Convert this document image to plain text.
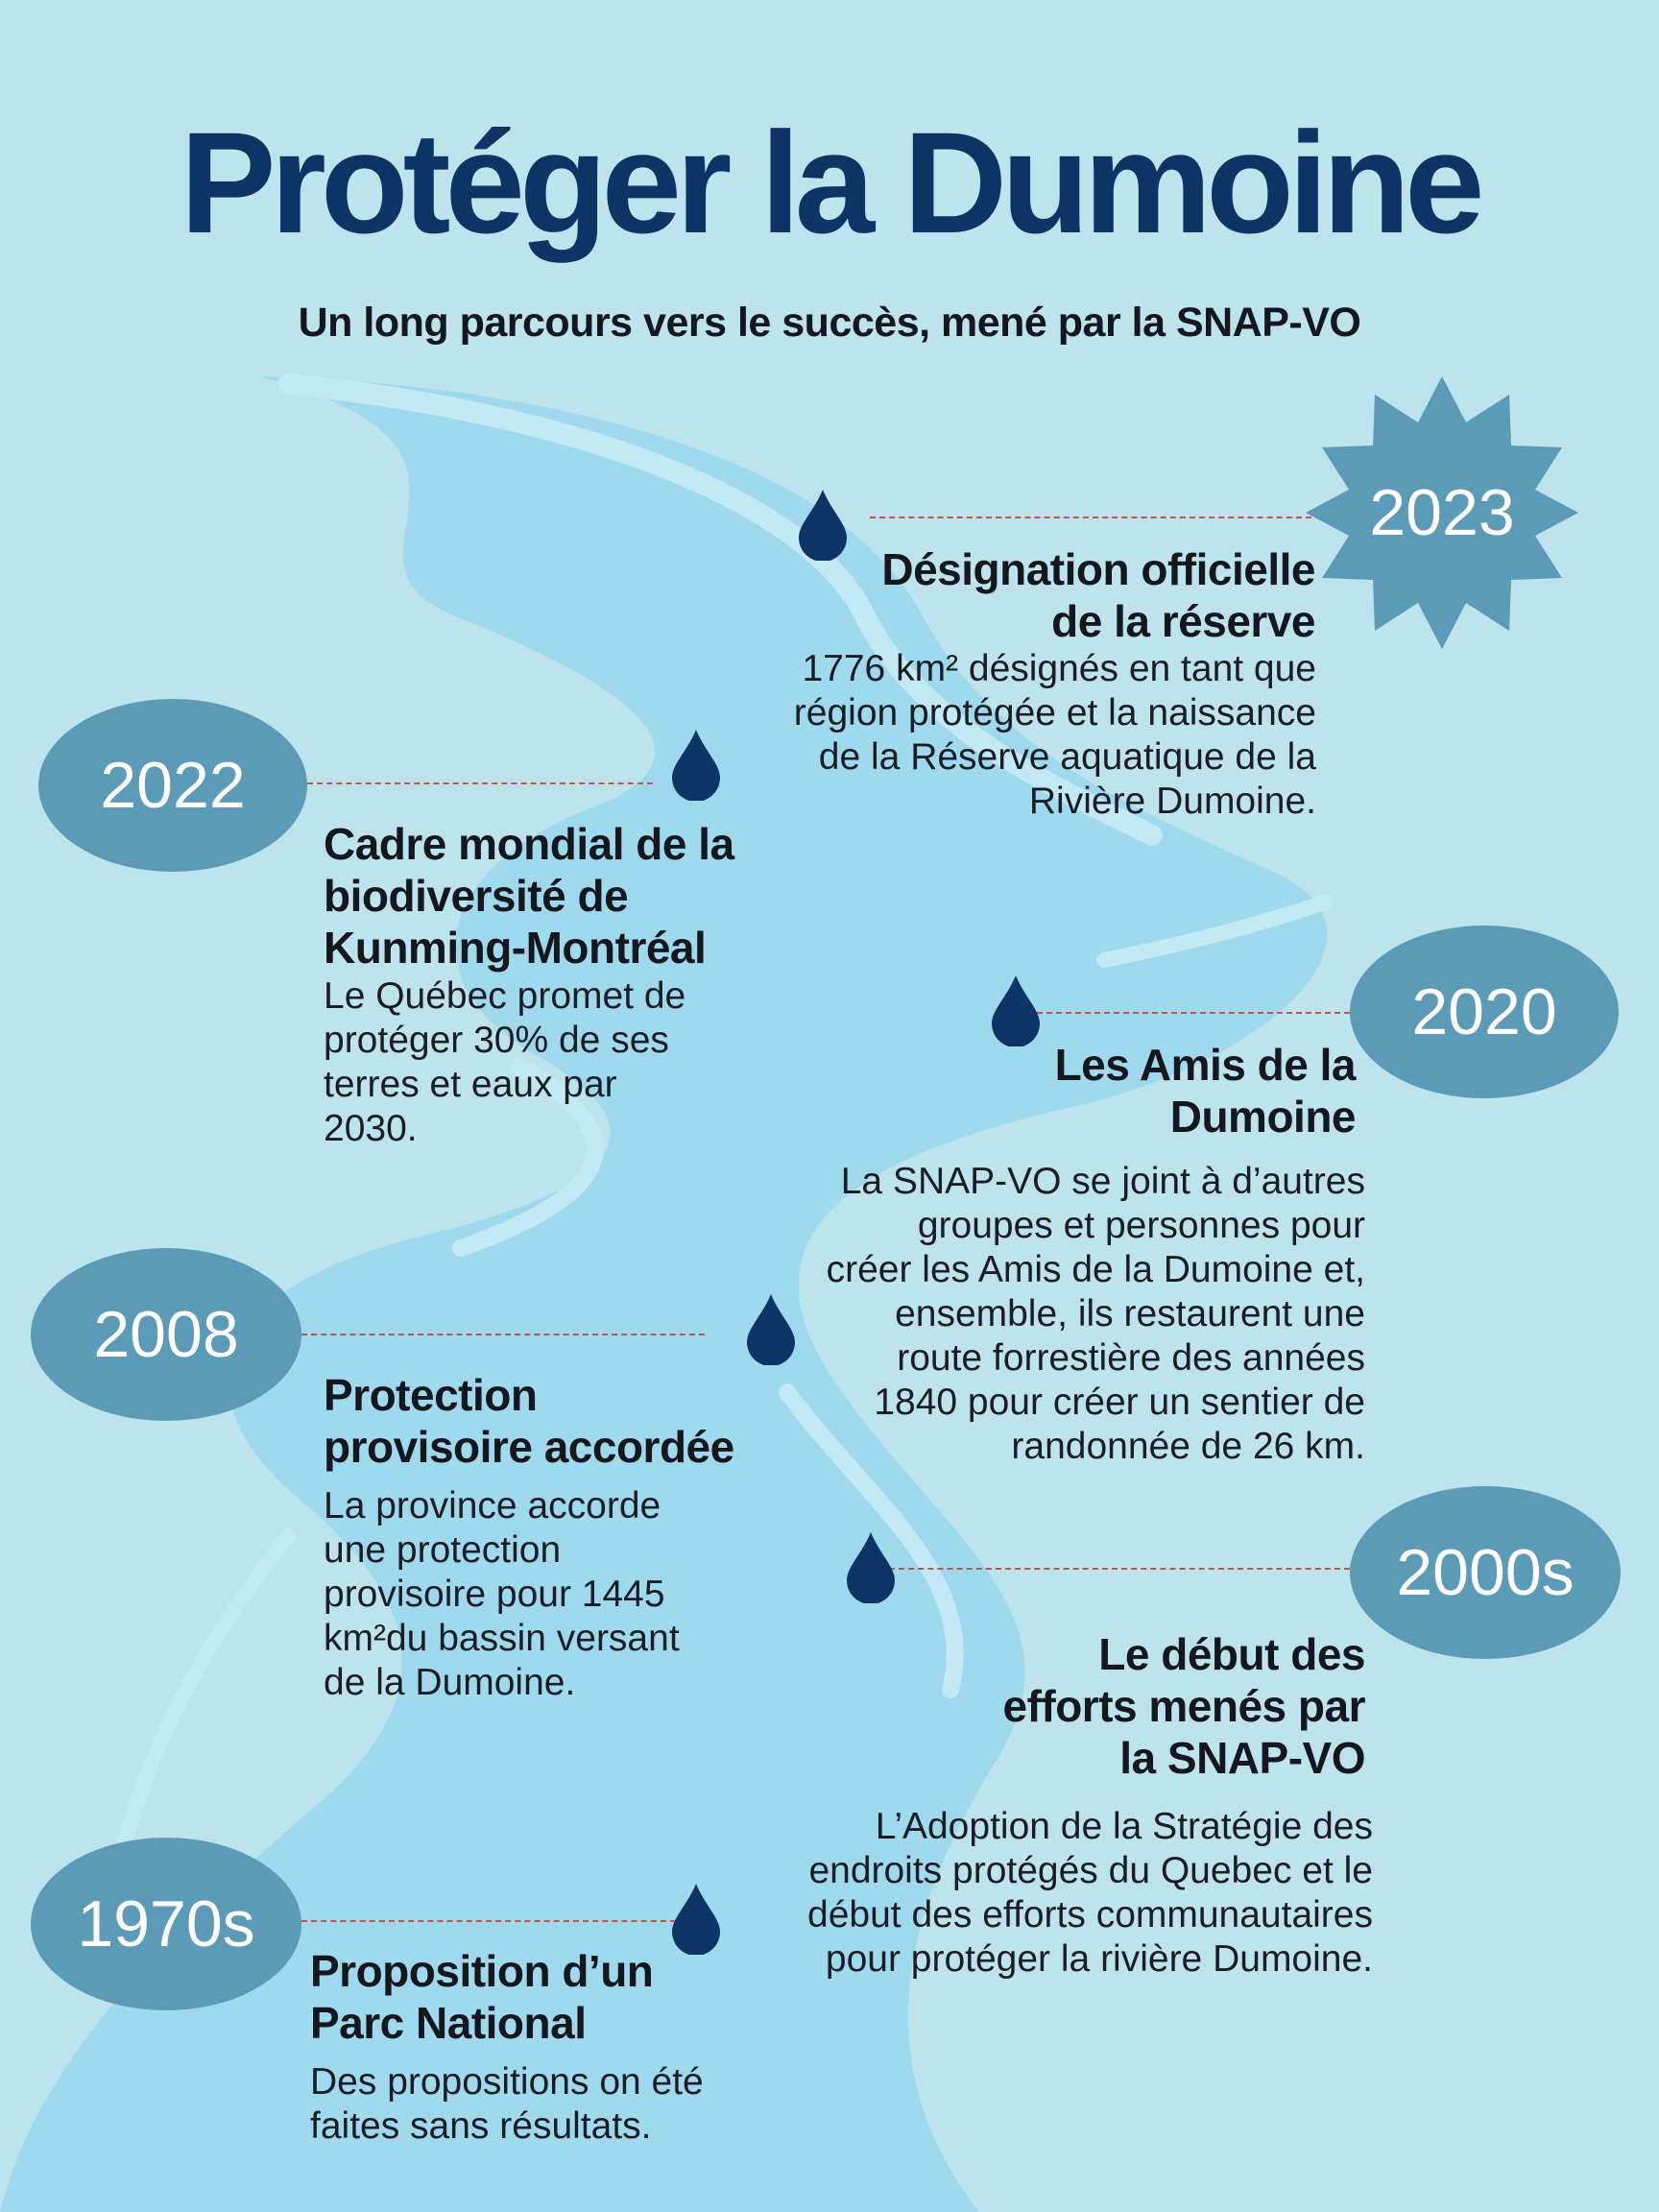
Protéger la Dumoine

Un long parcours vers le succès, mené par la SNAP-VO

2023
Désignation officielle
de la réserve

1776 km² désignés en tant que
région protégée et la naissance
de la Réserve aquatique de la
Rivière Dumoine.

2022
Cadre mondial de la
biodiversité de
Kunming-Montréal

Le Québec promet de
protéger 30% de ses
terres et eaux par
2030.

2020
Les Amis de la
Dumoine

La SNAP-VO se joint à d’autres
groupes et personnes pour
créer les Amis de la Dumoine et,
ensemble, ils restaurent une
route forrestière des années
1840 pour créer un sentier de
randonnée de 26 km.

2008
Protection
provisoire accordée

La province accorde
une protection
provisoire pour 1445
km²du bassin versant
de la Dumoine.

2000s
Le début des
efforts menés par
la SNAP-VO

L’Adoption de la Stratégie des
endroits protégés du Quebec et le
début des efforts communautaires
pour protéger la rivière Dumoine.

1970s
Proposition d’un
Parc National

Des propositions on été
faites sans résultats.
